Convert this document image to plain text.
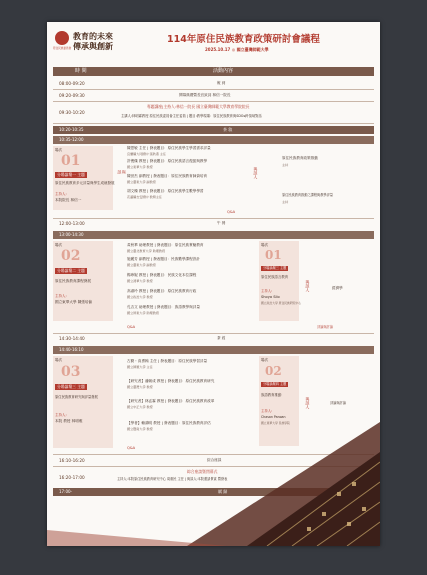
原住民族委員會
教育的未來
傳承與創新
114年原住民族教育政策研討會議程
2025.10.17 ◎ 國立臺灣師範大學
時 間	活動內容
08:00-09:20	報 到
09:20-09:30	開幕典禮暨長官致詞 林信一院長
09:30-10:20
專題講座|主持人:林信一院長 國立臺灣師範大學教育學院院長
主講人:林明霖教授 原住民族委員會主任委員 | 題目:教學現場：原住民族教育與SDGs跨領域對話
10:20-10:35	茶 敘
10:35-12:00
場次
01
分場論壇一 主題
原住民族教育多元評量與學生成就發展
主持人:
本院院長 林信一
與
談
陳思敏 主任 | 發表題目：原住民族學生學習需求評量
宜蘭縣大同國中 張秋燕 主任
許俊傑 教授 | 發表題目：原住民族語言復振與教學
國立東華大學 教授
陳世杰 副教授 | 發表題目：原住民族教育師資培育
國立臺東大學 副教授
胡文棟 教授 | 發表題目：原住民族學生數學學習
花蓮縣吉安國中 教務主任
與談人
原住民族教育政策推動
主持
原住民族教育推動之課程與教學評量
主持
Q&A
12:00-13:00	午 餐
13:00-14:30
場次
02
分場論壇二 主題
原住民族教育課程發展
主持人:
國立東華大學 陳張培倫
黃秋華 助理教授 | 發表題目：原住民族實驗教育
國立臺北教育大學 助理教授
施麗芳 副教授 | 發表題目：民族數學課程設計
國立臺東大學 副教授
楊珍妮 教授 | 發表題目：民族文化本位課程
國立清華大學 教授
高淑玲 教授 | 發表題目：原住民族教育行政
國立政治大學 教授
孔吉文 助理教授 | 發表題目：族語教學與評量
國立屏東大學 助理教授
場次
01
分場論壇三 主題
原住民族語言教育
主持人:
Shoya Silo
國立政治大學 原住民族研究中心
與談人	經濟學
評論與討論
Q&A
14:30-14:40	茶 敘
14:40-16:10
場次
03
分場論壇三 主題
原住民族教育研究與評量發展
主持人:
本院 教授 林明雅
古勤・高勇翰 主任 | 發表題目：原住民族學習評量
國立師範大學 主任
【研究者】潘朝成 教授 | 發表題目：原住民族教育研究
國立臺灣大學 教授
【研究者】林孟霖 教授 | 發表題目：原住民族教育改革
國立中正大學 教授
【學者】賴鴻明 教授 | 發表題目：原住民族教育評估
國立暨南大學 教授
場次
02
分場論壇四 主題
族語教育推動
主持人:
Chasan Panoan
國立東華大學 民族學院
與談人	評論與討論
Q&A
16:10-16:20	綜合座談
16:20-17:00
綜合座談暨閉幕式
主持人:本院原住民族教育研究中心 周惠民 主任 | 與談人:本院邀請貴賓 暨發表
17:00-	賦 歸
